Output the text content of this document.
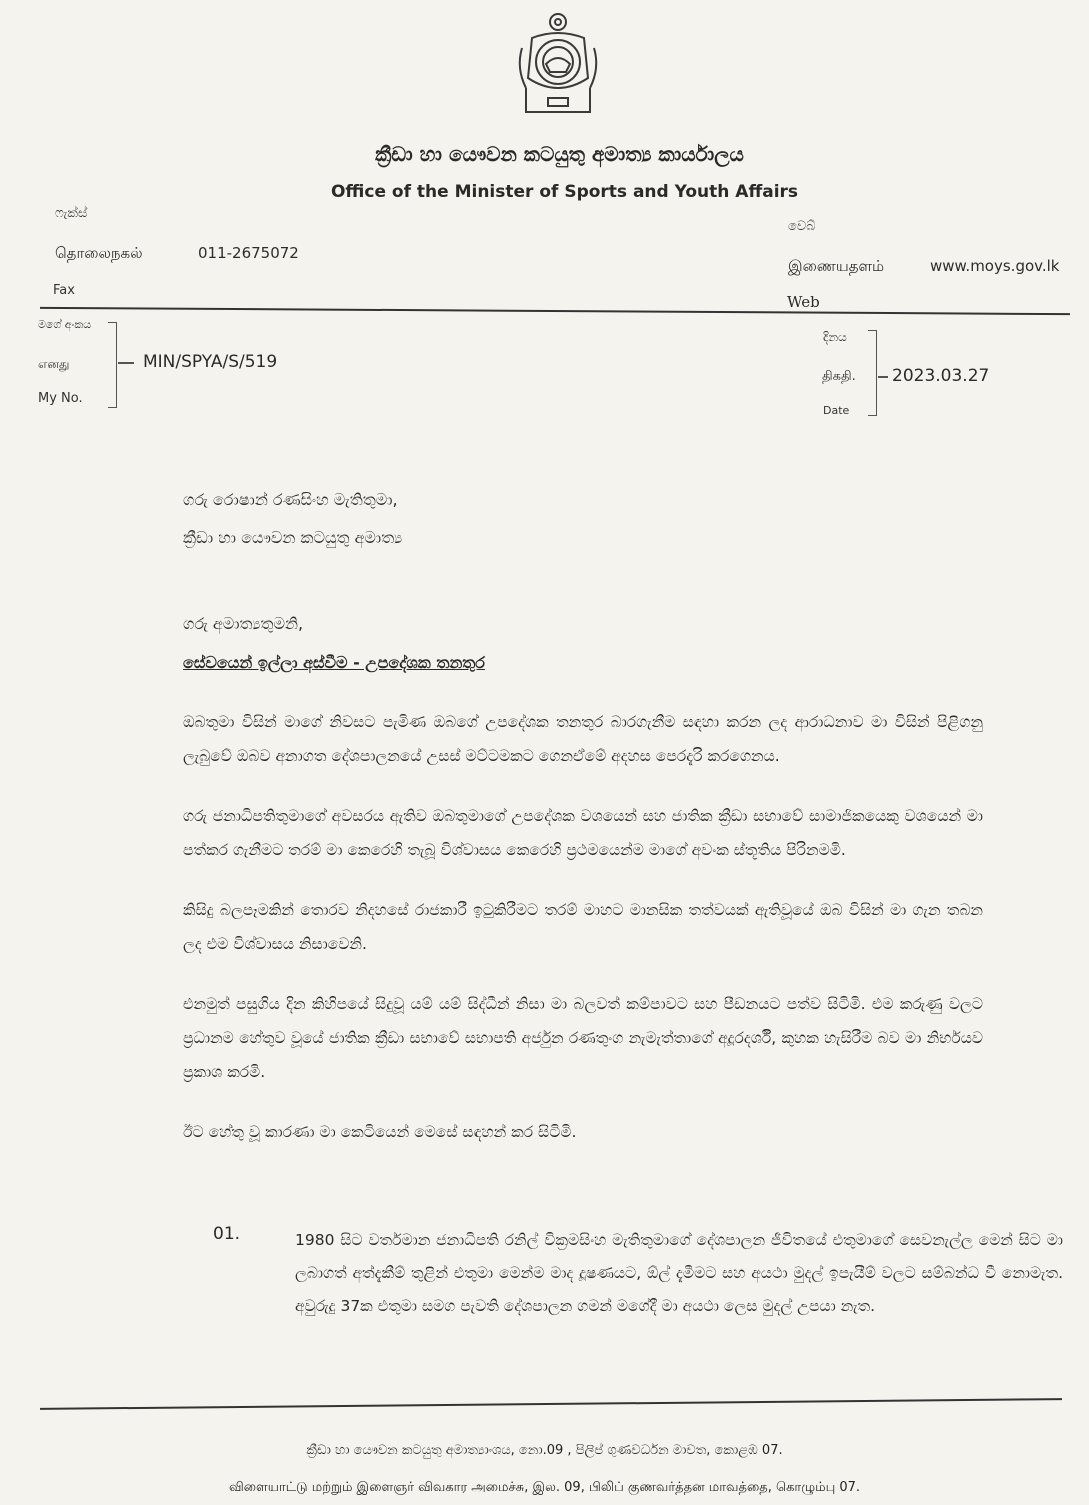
ක්‍රීඩා හා යෞවන කටයුතු අමාත්‍ය කාර්යාලය
Office of the Minister of Sports and Youth Affairs
ෆැක්ස්
தொலைநகல்	011-2675072
Fax
වෙබ්
இணையதளம்	www.moys.gov.lk
Web
මගේ අංකය
எனது
My No.
MIN/SPYA/S/519
දිනය
திகதி.
Date
2023.03.27
ගරු රොෂාන් රණසිංහ මැතිතුමා,
ක්‍රීඩා හා යෞවන කටයුතු අමාත්‍ය
ගරු අමාත්‍යතුමනි,
සේවයෙන් ඉල්ලා අස්වීම - උපදේශක තනතුර

ඔබතුමා විසින් මාගේ නිවසට පැමිණ ඔබගේ උපදේශක තනතුර බාරගැනීම සඳහා කරන ලද ආරාධනාව මා විසින් පිළිගනු ලැබුවේ ඔබව අනාගත දේශපාලනයේ උසස් මට්ටමකට ගෙනඒමේ අදහස පෙරදැරි කරගෙනය.

ගරු ජනාධිපතිතුමාගේ අවසරය ඇතිව ඔබතුමාගේ උපදේශක වශයෙන් සහ ජාතික ක්‍රීඩා සභාවේ සාමාජිකයෙකු වශයෙන් මා පත්කර ගැනීමට තරම් මා කෙරෙහි තැබූ විශ්වාසය කෙරෙහි ප්‍රථමයෙන්ම මාගේ අවංක ස්තූතිය පිරිනමමි.

කිසිදු බලපෑමකින් තොරව නිදහසේ රාජකාරී ඉටුකිරීමට තරම් මාහට මානසික තත්වයක් ඇතිවූයේ ඔබ විසින් මා ගැන තබන ලද එම විශ්වාසය නිසාවෙනි.

එනමුත් පසුගිය දින කිහිපයේ සිදුවූ යම් යම් සිද්ධීන් නිසා මා බලවත් කම්පාවට සහ පීඩනයට පත්ව සිටිමි. එම කරුණු වලට ප්‍රධානම හේතුව වූයේ ජාතික ක්‍රීඩා සභාවේ සභාපති අර්ජුන රණතුංග නැමැත්තාගේ අදූරදර්ශී, කුහක හැසිරීම බව මා නිර්භයව ප්‍රකාශ කරමි.

ඊට හේතු වූ කාරණා මා කෙටියෙන් මෙසේ සඳහන් කර සිටිමි.

01.	1980 සිට වර්තමාන ජනාධිපති රනිල් වික්‍රමසිංහ මැතිතුමාගේ දේශපාලන ජීවිතයේ එතුමාගේ සෙවනැල්ල මෙන් සිට මා ලබාගත් අත්දැකීම් තුළින් එතුමා මෙන්ම මාද දූෂණයට, ඕල් දැමීමට සහ අයථා මුදල් ඉපැයීම් වලට සම්බන්ධ වී නොමැත. අවුරුදු 37ක එතුමා සමග පැවති දේශපාලන ගමන් මගේදී මා අයථා ලෙස මුදල් උපයා නැත.
ක්‍රීඩා හා යෞවන කටයුතු අමාත්‍යාංශය, නො.09 , පිලිප් ගුණවර්ධන මාවත, කොළඹ 07.
விளையாட்டு மற்றும் இளைஞர் விவகார அமைச்சு, இல. 09, பிலிப் குணவர்த்தன மாவத்தை, கொழும்பு 07.
